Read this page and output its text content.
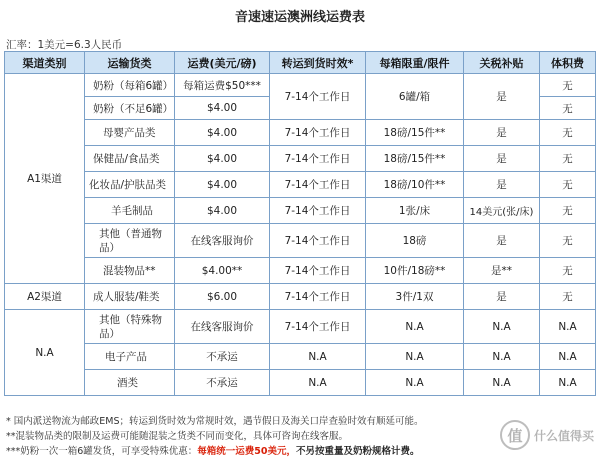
音速速运澳洲线运费表
汇率：1美元=6.3人民币
渠道类别	运输货类	运费(美元/磅)	转运到货时效*	每箱限重/限件	关税补贴	体积费
A1渠道	奶粉（每箱6罐）	每箱运费$50***	7-14个工作日	6罐/箱	是	无
	奶粉（不足6罐）	$4.00				无
	母婴产品类	$4.00	7-14个工作日	18磅/15件**	是	无
	保健品/食品类	$4.00	7-14个工作日	18磅/15件**	是	无
	化妆品/护肤品类	$4.00	7-14个工作日	18磅/10件**	是	无
	羊毛制品	$4.00	7-14个工作日	1张/床	14美元(张/床)	无
	其他（普通物品）	在线客服询价	7-14个工作日	18磅	是	无
	混装物品**	$4.00**	7-14个工作日	10件/18磅**	是**	无
A2渠道	成人服装/鞋类	$6.00	7-14个工作日	3件/1双	是	无
N.A	其他（特殊物品）	在线客服询价	7-14个工作日	N.A	N.A	N.A
	电子产品	不承运	N.A	N.A	N.A	N.A
	酒类	不承运	N.A	N.A	N.A	N.A
* 国内派送物流为邮政EMS；转运到货时效为常规时效，遇节假日及海关口岸查验时效有顺延可能。
**混装物品类的限制及运费可能随混装之货类不同而变化，具体可咨询在线客服。
***奶粉一次一箱6罐发货，可享受特殊优惠：每箱统一运费50美元，不另按重量及奶粉规格计费。
值 什么值得买
